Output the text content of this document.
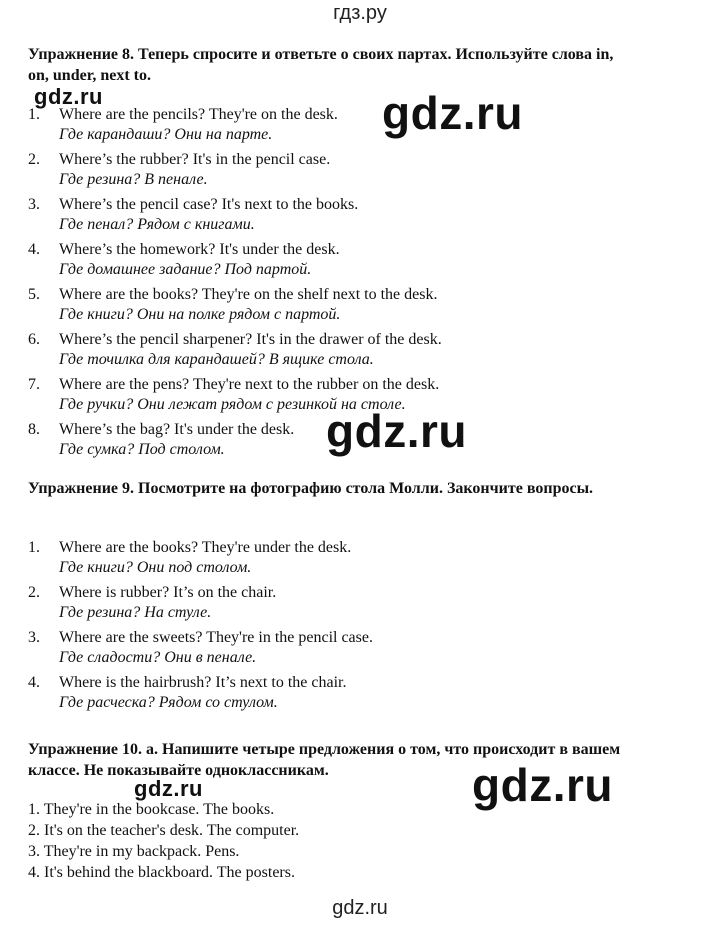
гдз.ру
Упражнение 8. Теперь спросите и ответьте о своих партах. Используйте слова in, on, under, next to.
gdz.ru
1. Where are the pencils? They're on the desk.
Где карандаши? Они на парте.
2. Where’s the rubber? It's in the pencil case.
Где резина? В пенале.
3. Where’s the pencil case? It's next to the books.
Где пенал? Рядом с книгами.
4. Where’s the homework? It's under the desk.
Где домашнее задание? Под партой.
5. Where are the books? They're on the shelf next to the desk.
Где книги? Они на полке рядом с партой.
6. Where’s the pencil sharpener? It's in the drawer of the desk.
Где точилка для карандашей? В ящике стола.
7. Where are the pens? They're next to the rubber on the desk.
Где ручки? Они лежат рядом с резинкой на столе.
8. Where’s the bag? It's under the desk.
Где сумка? Под столом.
gdz.ru
gdz.ru
Упражнение 9. Посмотрите на фотографию стола Молли. Закончите вопросы.
1. Where are the books? They're under the desk.
Где книги? Они под столом.
2. Where is rubber? It’s on the chair.
Где резина? На стуле.
3. Where are the sweets? They're in the pencil case.
Где сладости? Они в пенале.
4. Where is the hairbrush? It’s next to the chair.
Где расческа? Рядом со стулом.
Упражнение 10. а. Напишите четыре предложения о том, что происходит в вашем классе. Не показывайте одноклассникам.
gdz.ru	gdz.ru
1. They're in the bookcase. The books.
2. It's on the teacher's desk. The computer.
3. They're in my backpack. Pens.
4. It's behind the blackboard. The posters.
gdz.ru
